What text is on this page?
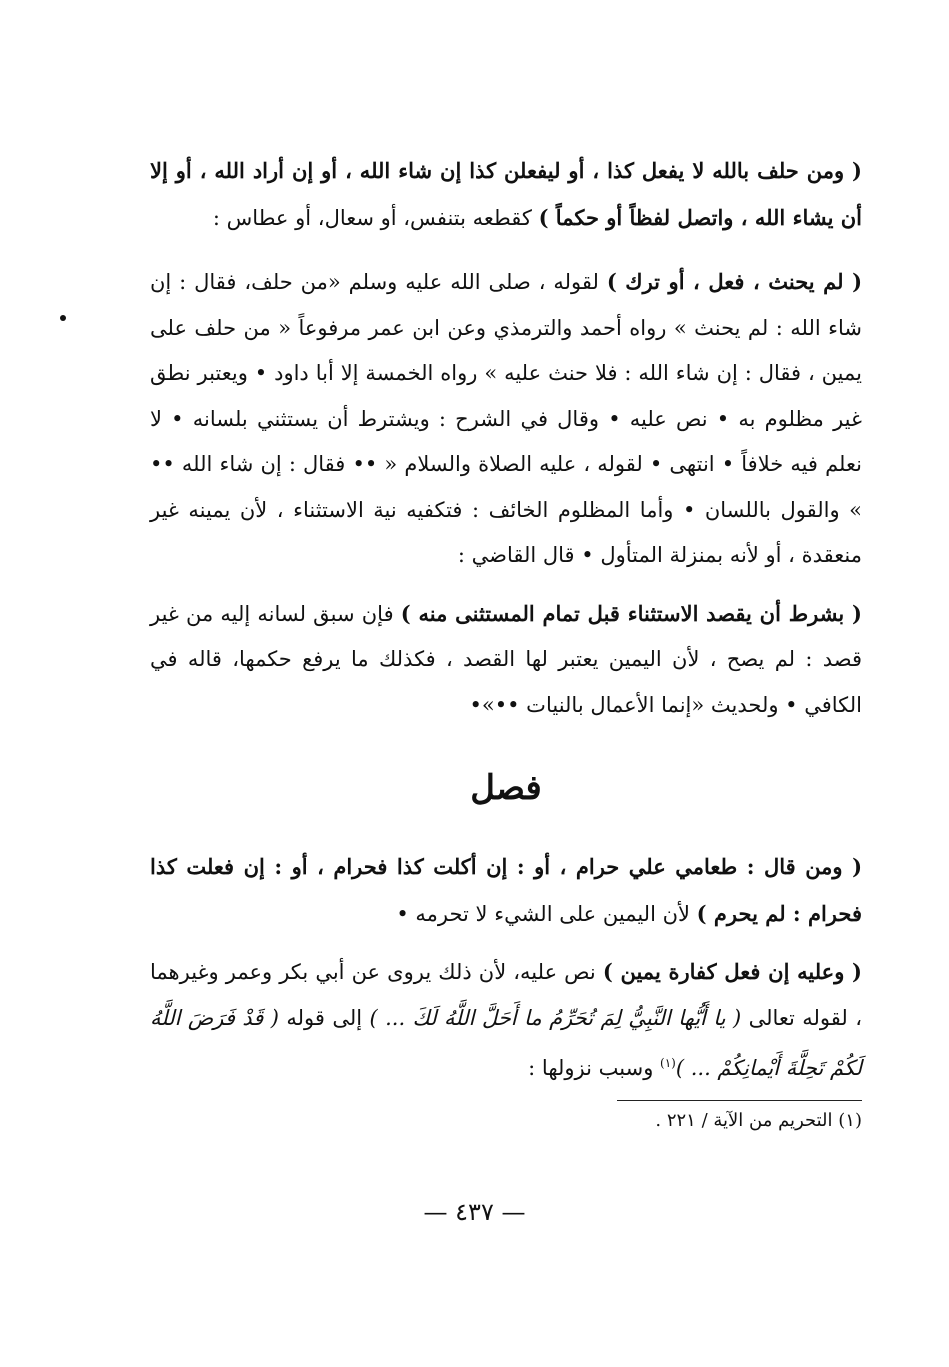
( ومن حلف بالله لا يفعل كذا ، أو ليفعلن كذا إن شاء الله ، أو إن أراد الله ، أو إلا أن يشاء الله ، واتصل لفظاً أو حكماً ) كقطعه بتنفس، أو سعال، أو عطاس :

( لم يحنث ، فعل ، أو ترك ) لقوله ، صلى الله عليه وسلم «من حلف، فقال : إن شاء الله : لم يحنث » رواه أحمد والترمذي وعن ابن عمر مرفوعاً « من حلف على يمين ، فقال : إن شاء الله : فلا حنث عليه » رواه الخمسة إلا أبا داود • ويعتبر نطق غير مظلوم به • نص عليه • وقال في الشرح : ويشترط أن يستثني بلسانه • لا نعلم فيه خلافاً • انتهى • لقوله ، عليه الصلاة والسلام « •• فقال : إن شاء الله •• » والقول باللسان • وأما المظلوم الخائف : فتكفيه نية الاستثناء ، لأن يمينه غير منعقدة ، أو لأنه بمنزلة المتأول • قال القاضي :

( بشرط أن يقصد الاستثناء قبل تمام المستثنى منه ) فإن سبق لسانه إليه من غير قصد : لم يصح ، لأن اليمين يعتبر لها القصد ، فكذلك ما يرفع حكمها، قاله في الكافي • ولحديث «إنما الأعمال بالنيات ••»•

فصل

( ومن قال : طعامي علي حرام ، أو : إن أكلت كذا فحرام ، أو : إن فعلت كذا فحرام : لم يحرم ) لأن اليمين على الشيء لا تحرمه •

( وعليه إن فعل كفارة يمين ) نص عليه، لأن ذلك يروى عن أبي بكر وعمر وغيرهما ، لقوله تعالى ( يا أَيُّها النَّبِيُّ لِمَ تُحَرِّمُ ما أَحَلَّ اللَّهُ لَكَ ... ) إلى قوله ( قَدْ فَرَضَ اللَّهُ لَكُمْ تَحِلَّةَ أَيْمانِكُمْ ... )$^{(١)}$ وسبب نزولها :

(١) التحريم من الآية / ٢٢١ .
— ٤٣٧ —
